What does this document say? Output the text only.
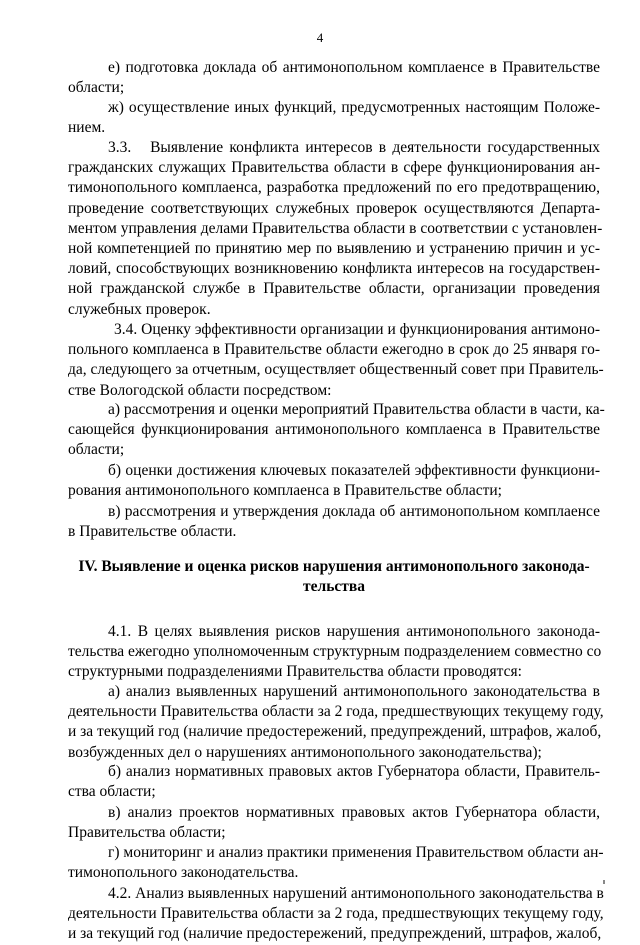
4
е) подготовка доклада об антимонопольном комплаенсе в Правительстве
области;
ж) осуществление иных функций, предусмотренных настоящим Положе-
нием.
3.3.   Выявление конфликта интересов в деятельности государственных
гражданских служащих Правительства области в сфере функционирования ан-
тимонопольного комплаенса, разработка предложений по его предотвращению,
проведение соответствующих служебных проверок осуществляются Департа-
ментом управления делами Правительства области в соответствии с установлен-
ной компетенцией по принятию мер по выявлению и устранению причин и ус-
ловий, способствующих возникновению конфликта интересов на государствен-
ной гражданской службе в Правительстве области, организации проведения
служебных проверок.
3.4. Оценку эффективности организации и функционирования антимоно-
польного комплаенса в Правительстве области ежегодно в срок до 25 января го-
да, следующего за отчетным, осуществляет общественный совет при Правитель-
стве Вологодской области посредством:
а) рассмотрения и оценки мероприятий Правительства области в части, ка-
сающейся функционирования антимонопольного комплаенса в Правительстве
области;
б) оценки достижения ключевых показателей эффективности функциони-
рования антимонопольного комплаенса в Правительстве области;
в) рассмотрения и утверждения доклада об антимонопольном комплаенсе
в Правительстве области.
IV. Выявление и оценка рисков нарушения антимонопольного законода-
тельства
4.1. В целях выявления рисков нарушения антимонопольного законода-
тельства ежегодно уполномоченным структурным подразделением совместно со
структурными подразделениями Правительства области проводятся:
а) анализ выявленных нарушений антимонопольного законодательства в
деятельности Правительства области за 2 года, предшествующих текущему году,
и за текущий год (наличие предостережений, предупреждений, штрафов, жалоб,
возбужденных дел о нарушениях антимонопольного законодательства);
б) анализ нормативных правовых актов Губернатора области, Правитель-
ства области;
в) анализ проектов нормативных правовых актов Губернатора области,
Правительства области;
г) мониторинг и анализ практики применения Правительством области ан-
тимонопольного законодательства.
4.2. Анализ выявленных нарушений антимонопольного законодательства в
деятельности Правительства области за 2 года, предшествующих текущему году,
и за текущий год (наличие предостережений, предупреждений, штрафов, жалоб,
